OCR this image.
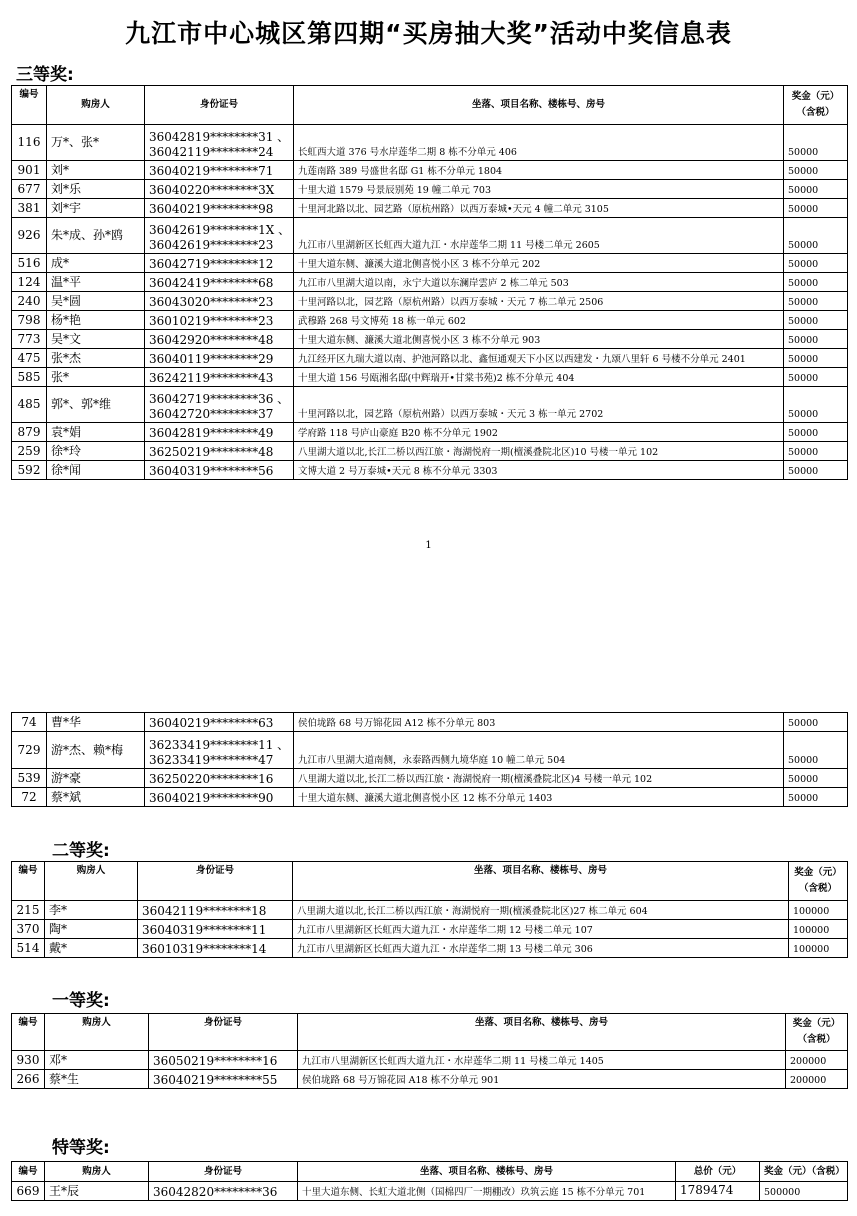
九江市中心城区第四期“买房抽大奖”活动中奖信息表
三等奖:
编号	购房人	身份证号	坐落、项目名称、楼栋号、房号	奖金（元）
（含税）

116	万*、张*	36042819********31 、
36042119********24	长虹西大道 376 号水岸莲华二期 8 栋不分单元 406	50000
901	刘*	36040219********71	九莲南路 389 号盛世名邸 G1 栋不分单元 1804	50000
677	刘*乐	36040220********3X	十里大道 1579 号景辰别苑 19 幢二单元 703	50000
381	刘*宇	36040219********98	十里河北路以北、园艺路（原杭州路）以西万泰城•天元 4 幢二单元 3105	50000
926	朱*成、孙*鸥	36042619********1X 、
36042619********23	九江市八里湖新区长虹西大道九江・水岸莲华二期 11 号楼二单元 2605	50000
516	成*	36042719********12	十里大道东侧、濂溪大道北侧喜悦小区 3 栋不分单元 202	50000
124	温*平	36042419********68	九江市八里湖大道以南，永宁大道以东澜岸雲庐 2 栋二单元 503	50000
240	吴*圆	36043020********23	十里河路以北，园艺路（原杭州路）以西万泰城・天元 7 栋二单元 2506	50000
798	杨*艳	36010219********23	武穆路 268 号文博苑 18 栋一单元 602	50000
773	吴*文	36042920********48	十里大道东侧、濂溪大道北侧喜悦小区 3 栋不分单元 903	50000
475	张*杰	36040119********29	九江经开区九瑞大道以南、护池河路以北、鑫恒通观天下小区以西建发・九颂八里轩 6 号楼不分单元 2401	50000
585	张*	36242119********43	十里大道 156 号瓯湘名邸(中辉瑞开•甘棠书苑)2 栋不分单元 404	50000
485	郭*、郭*维	36042719********36 、
36042720********37	十里河路以北，园艺路（原杭州路）以西万泰城・天元 3 栋一单元 2702	50000
879	袁*娟	36042819********49	学府路 118 号庐山豪庭 B20 栋不分单元 1902	50000
259	徐*玲	36250219********48	八里湖大道以北,长江二桥以西江旅・海湖悦府一期(檀溪叠院北区)10 号楼一单元 102	50000
592	徐*闻	36040319********56	文博大道 2 号万泰城•天元 8 栋不分单元 3303	50000
1
74	曹*华	36040219********63	侯伯垅路 68 号万锦花园 A12 栋不分单元 803	50000
729	游*杰、赖*梅	36233419********11 、
36233419********47	九江市八里湖大道南侧，永泰路西侧九境华庭 10 幢二单元 504	50000
539	游*豪	36250220********16	八里湖大道以北,长江二桥以西江旅・海湖悦府一期(檀溪叠院北区)4 号楼一单元 102	50000
72	蔡*斌	36040219********90	十里大道东侧、濂溪大道北侧喜悦小区 12 栋不分单元 1403	50000
二等奖:
编号	购房人	身份证号	坐落、项目名称、楼栋号、房号	奖金（元）
（含税）

215	李*	36042119********18	八里湖大道以北,长江二桥以西江旅・海湖悦府一期(檀溪叠院北区)27 栋二单元 604	100000
370	陶*	36040319********11	九江市八里湖新区长虹西大道九江・水岸莲华二期 12 号楼二单元 107	100000
514	戴*	36010319********14	九江市八里湖新区长虹西大道九江・水岸莲华二期 13 号楼二单元 306	100000
一等奖:
编号	购房人	身份证号	坐落、项目名称、楼栋号、房号	奖金（元）
（含税）

930	邓*	36050219********16	九江市八里湖新区长虹西大道九江・水岸莲华二期 11 号楼二单元 1405	200000
266	蔡*生	36040219********55	侯伯垅路 68 号万锦花园 A18 栋不分单元 901	200000
特等奖:
编号	购房人	身份证号	坐落、项目名称、楼栋号、房号	总价（元）	奖金（元）（含税）
669	王*辰	36042820********36	十里大道东侧、长虹大道北侧（国棉四厂一期棚改）玖筑云庭 15 栋不分单元 701	1789474	500000
